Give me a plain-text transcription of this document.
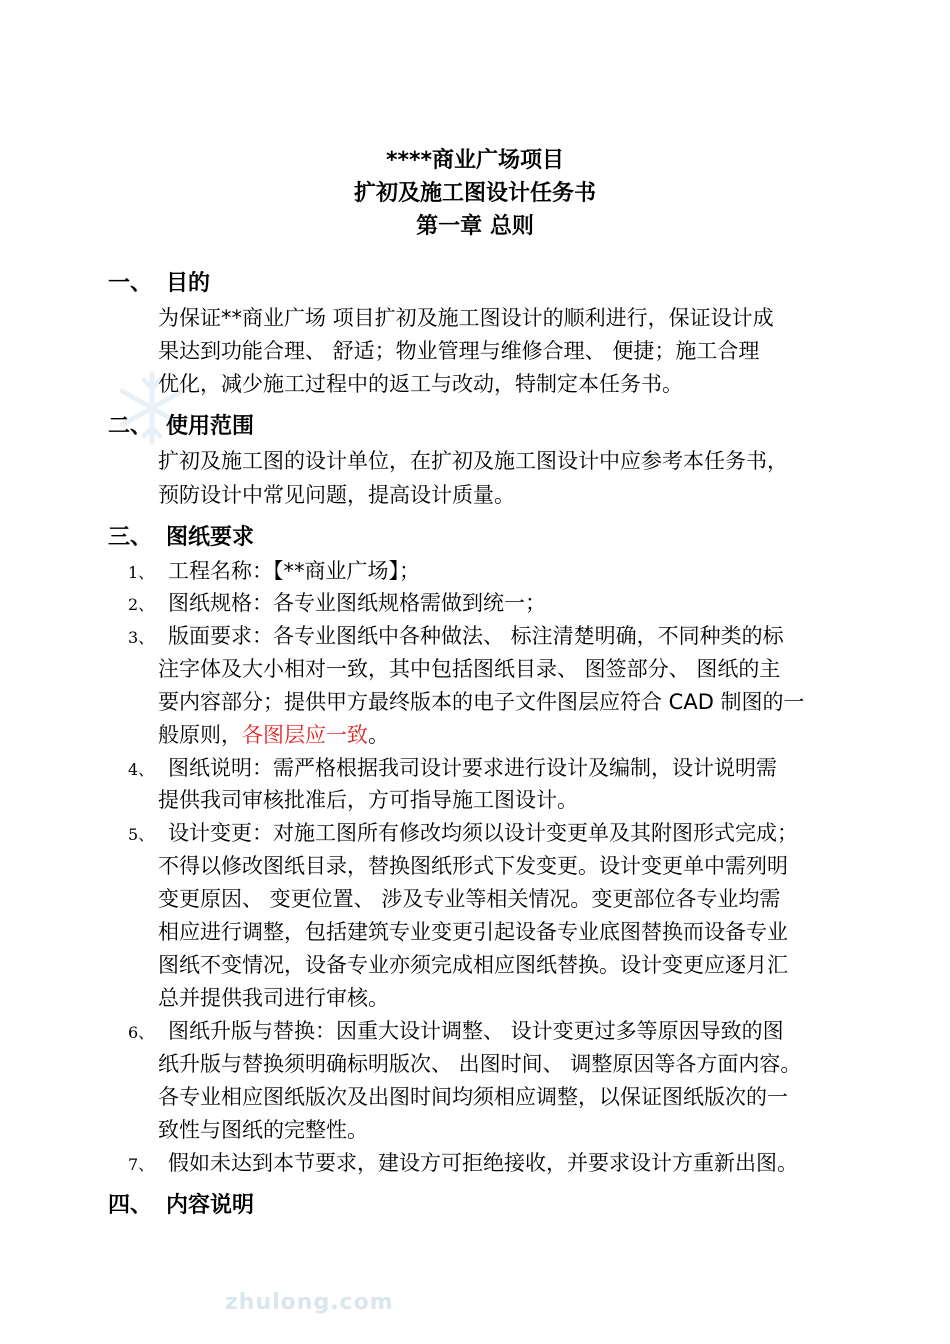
****商业广场项目
扩初及施工图设计任务书
第一章 总则
一、 目的
为保证**商业广场 项目扩初及施工图设计的顺利进行，保证设计成
果达到功能合理、 舒适；物业管理与维修合理、 便捷；施工合理
优化，减少施工过程中的返工与改动，特制定本任务书。
二、 使用范围
扩初及施工图的设计单位，在扩初及施工图设计中应参考本任务书，
预防设计中常见问题，提高设计质量。
三、 图纸要求
1、 工程名称：【**商业广场】；
2、 图纸规格：各专业图纸规格需做到统一；
3、 版面要求：各专业图纸中各种做法、 标注清楚明确，不同种类的标
注字体及大小相对一致，其中包括图纸目录、 图签部分、 图纸的主
要内容部分；提供甲方最终版本的电子文件图层应符合 CAD 制图的一
般原则，各图层应一致。
4、 图纸说明：需严格根据我司设计要求进行设计及编制，设计说明需
提供我司审核批准后，方可指导施工图设计。
5、 设计变更：对施工图所有修改均须以设计变更单及其附图形式完成；
不得以修改图纸目录，替换图纸形式下发变更。设计变更单中需列明
变更原因、 变更位置、 涉及专业等相关情况。变更部位各专业均需
相应进行调整，包括建筑专业变更引起设备专业底图替换而设备专业
图纸不变情况，设备专业亦须完成相应图纸替换。设计变更应逐月汇
总并提供我司进行审核。
6、 图纸升版与替换：因重大设计调整、 设计变更过多等原因导致的图
纸升版与替换须明确标明版次、 出图时间、 调整原因等各方面内容。
各专业相应图纸版次及出图时间均须相应调整，以保证图纸版次的一
致性与图纸的完整性。
7、 假如未达到本节要求，建设方可拒绝接收，并要求设计方重新出图。
四、 内容说明
zhulong.com
